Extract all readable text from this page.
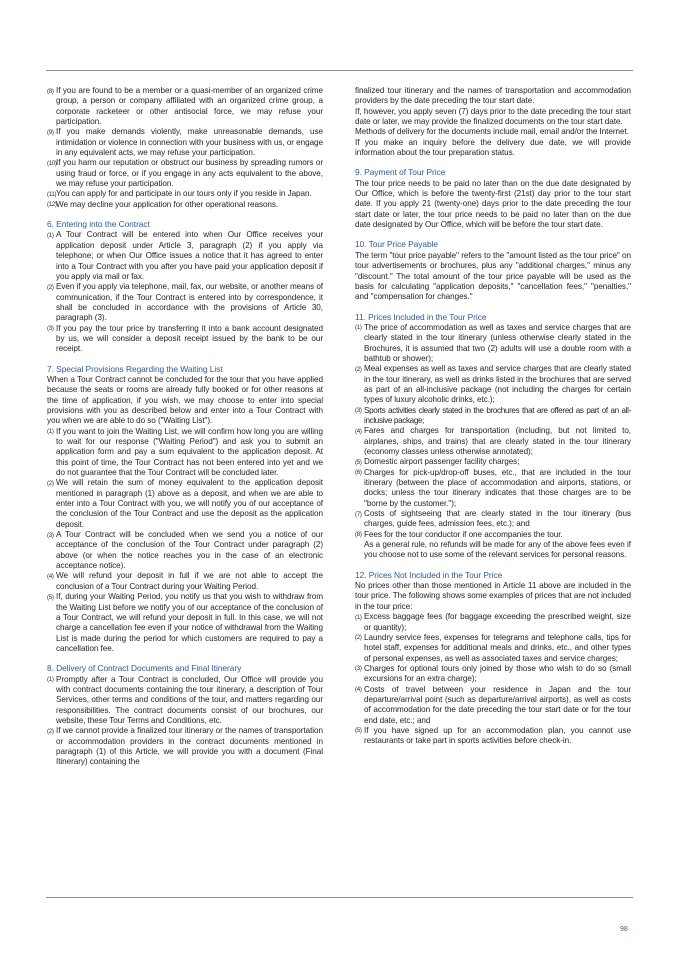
(8) If you are found to be a member or a quasi-member of an organized crime group, a person or company affiliated with an organized crime group, a corporate racketeer or other antisocial force, we may refuse your participation.

(9) If you make demands violently, make unreasonable demands, use intimidation or violence in connection with your business with us, or engage in any equivalent acts, we may refuse your participation.

(10) If you harm our reputation or obstruct our business by spreading rumors or using fraud or force, or if you engage in any acts equivalent to the above, we may refuse your participation.

(11) You can apply for and participate in our tours only if you reside in Japan.

(12) We may decline your application for other operational reasons.

6. Entering into the Contract

(1) A Tour Contract will be entered into when Our Office receives your application deposit under Article 3, paragraph (2) if you apply via telephone; or when Our Office issues a notice that it has agreed to enter into a Tour Contract with you after you have paid your application deposit if you apply via mail or fax.

(2) Even if you apply via telephone, mail, fax, our website, or another means of communication, if the Tour Contract is entered into by correspondence, it shall be concluded in accordance with the provisions of Article 30, paragraph (3).

(3) If you pay the tour price by transferring it into a bank account designated by us, we will consider a deposit receipt issued by the bank to be our receipt.

7. Special Provisions Regarding the Waiting List

When a Tour Contract cannot be concluded for the tour that you have applied because the seats or rooms are already fully booked or for other reasons at the time of application, if you wish, we may choose to enter into special provisions with you as described below and enter into a Tour Contract with you when we are able to do so ("Waiting List").

(1) If you want to join the Waiting List, we will confirm how long you are willing to wait for our response ("Waiting Period") and ask you to submit an application form and pay a sum equivalent to the application deposit. At this point of time, the Tour Contract has not been entered into yet and we do not guarantee that the Tour Contract will be concluded later.

(2) We will retain the sum of money equivalent to the application deposit mentioned in paragraph (1) above as a deposit, and when we are able to enter into a Tour Contract with you, we will notify you of our acceptance of the conclusion of the Tour Contract and use the deposit as the application deposit.

(3) A Tour Contract will be concluded when we send you a notice of our acceptance of the conclusion of the Tour Contract under paragraph (2) above (or when the notice reaches you in the case of an electronic acceptance notice).

(4) We will refund your deposit in full if we are not able to accept the conclusion of a Tour Contract during your Waiting Period.

(5) If, during your Waiting Period, you notify us that you wish to withdraw from the Waiting List before we notify you of our acceptance of the conclusion of a Tour Contract, we will refund your deposit in full. In this case, we will not charge a cancellation fee even if your notice of withdrawal from the Waiting List is made during the period for which customers are required to pay a cancellation fee.

8. Delivery of Contract Documents and Final Itinerary

(1) Promptly after a Tour Contract is concluded, Our Office will provide you with contract documents containing the tour itinerary, a description of Tour Services, other terms and conditions of the tour, and matters regarding our responsibilities. The contract documents consist of our brochures, our website, these Tour Terms and Conditions, etc.

(2) If we cannot provide a finalized tour itinerary or the names of transportation or accommodation providers in the contract documents mentioned in paragraph (1) of this Article, we will provide you with a document (Final Itinerary) containing the

finalized tour itinerary and the names of transportation and accommodation providers by the date preceding the tour start date.

If, however, you apply seven (7) days prior to the date preceding the tour start date or later, we may provide the finalized documents on the tour start date.

Methods of delivery for the documents include mail, email and/or the Internet.

If you make an inquiry before the delivery due date, we will provide information about the tour preparation status.

9. Payment of Tour Price

The tour price needs to be paid no later than on the due date designated by Our Office, which is before the twenty-first (21st) day prior to the tour start date. If you apply 21 (twenty-one) days prior to the date preceding the tour start date or later, the tour price needs to be paid no later than on the due date designated by Our Office, which will be before the tour start date.

10. Tour Price Payable

The term "tour price payable" refers to the "amount listed as the tour price" on tour advertisements or brochures, plus any "additional charges," minus any "discount." The total amount of the tour price payable will be used as the basis for calculating "application deposits," "cancellation fees," "penalties," and "compensation for changes."

11. Prices Included in the Tour Price

(1) The price of accommodation as well as taxes and service charges that are clearly stated in the tour itinerary (unless otherwise clearly stated in the Brochures, it is assumed that two (2) adults will use a double room with a bathtub or shower);

(2) Meal expenses as well as taxes and service charges that are clearly stated in the tour itinerary, as well as drinks listed in the brochures that are served as part of an all-inclusive package (not including the charges for certain types of luxury alcoholic drinks, etc.);

(3) Sports activities clearly stated in the brochures that are offered as part of an all-inclusive package;

(4) Fares and charges for transportation (including, but not limited to, airplanes, ships, and trains) that are clearly stated in the tour itinerary (economy classes unless otherwise annotated);

(5) Domestic airport passenger facility charges;

(6) Charges for pick-up/drop-off buses, etc., that are included in the tour itinerary (between the place of accommodation and airports, stations, or docks; unless the tour itinerary indicates that those charges are to be "borne by the customer.");

(7) Costs of sightseeing that are clearly stated in the tour itinerary (bus charges, guide fees, admission fees, etc.); and

(8) Fees for the tour conductor if one accompanies the tour.

As a general rule, no refunds will be made for any of the above fees even if you choose not to use some of the relevant services for personal reasons.

12. Prices Not Included in the Tour Price

No prices other than those mentioned in Article 11 above are included in the tour price. The following shows some examples of prices that are not included in the tour price:

(1) Excess baggage fees (for baggage exceeding the prescribed weight, size or quantity);

(2) Laundry service fees, expenses for telegrams and telephone calls, tips for hotel staff, expenses for additional meals and drinks, etc., and other types of personal expenses, as well as associated taxes and service charges;

(3) Charges for optional tours only joined by those who wish to do so (small excursions for an extra charge);

(4) Costs of travel between your residence in Japan and the tour departure/arrival point (such as departure/arrival airports), as well as costs of accommodation for the date preceding the tour start date or for the tour end date, etc.; and

(5) If you have signed up for an accommodation plan, you cannot use restaurants or take part in sports activities before check-in.

98
